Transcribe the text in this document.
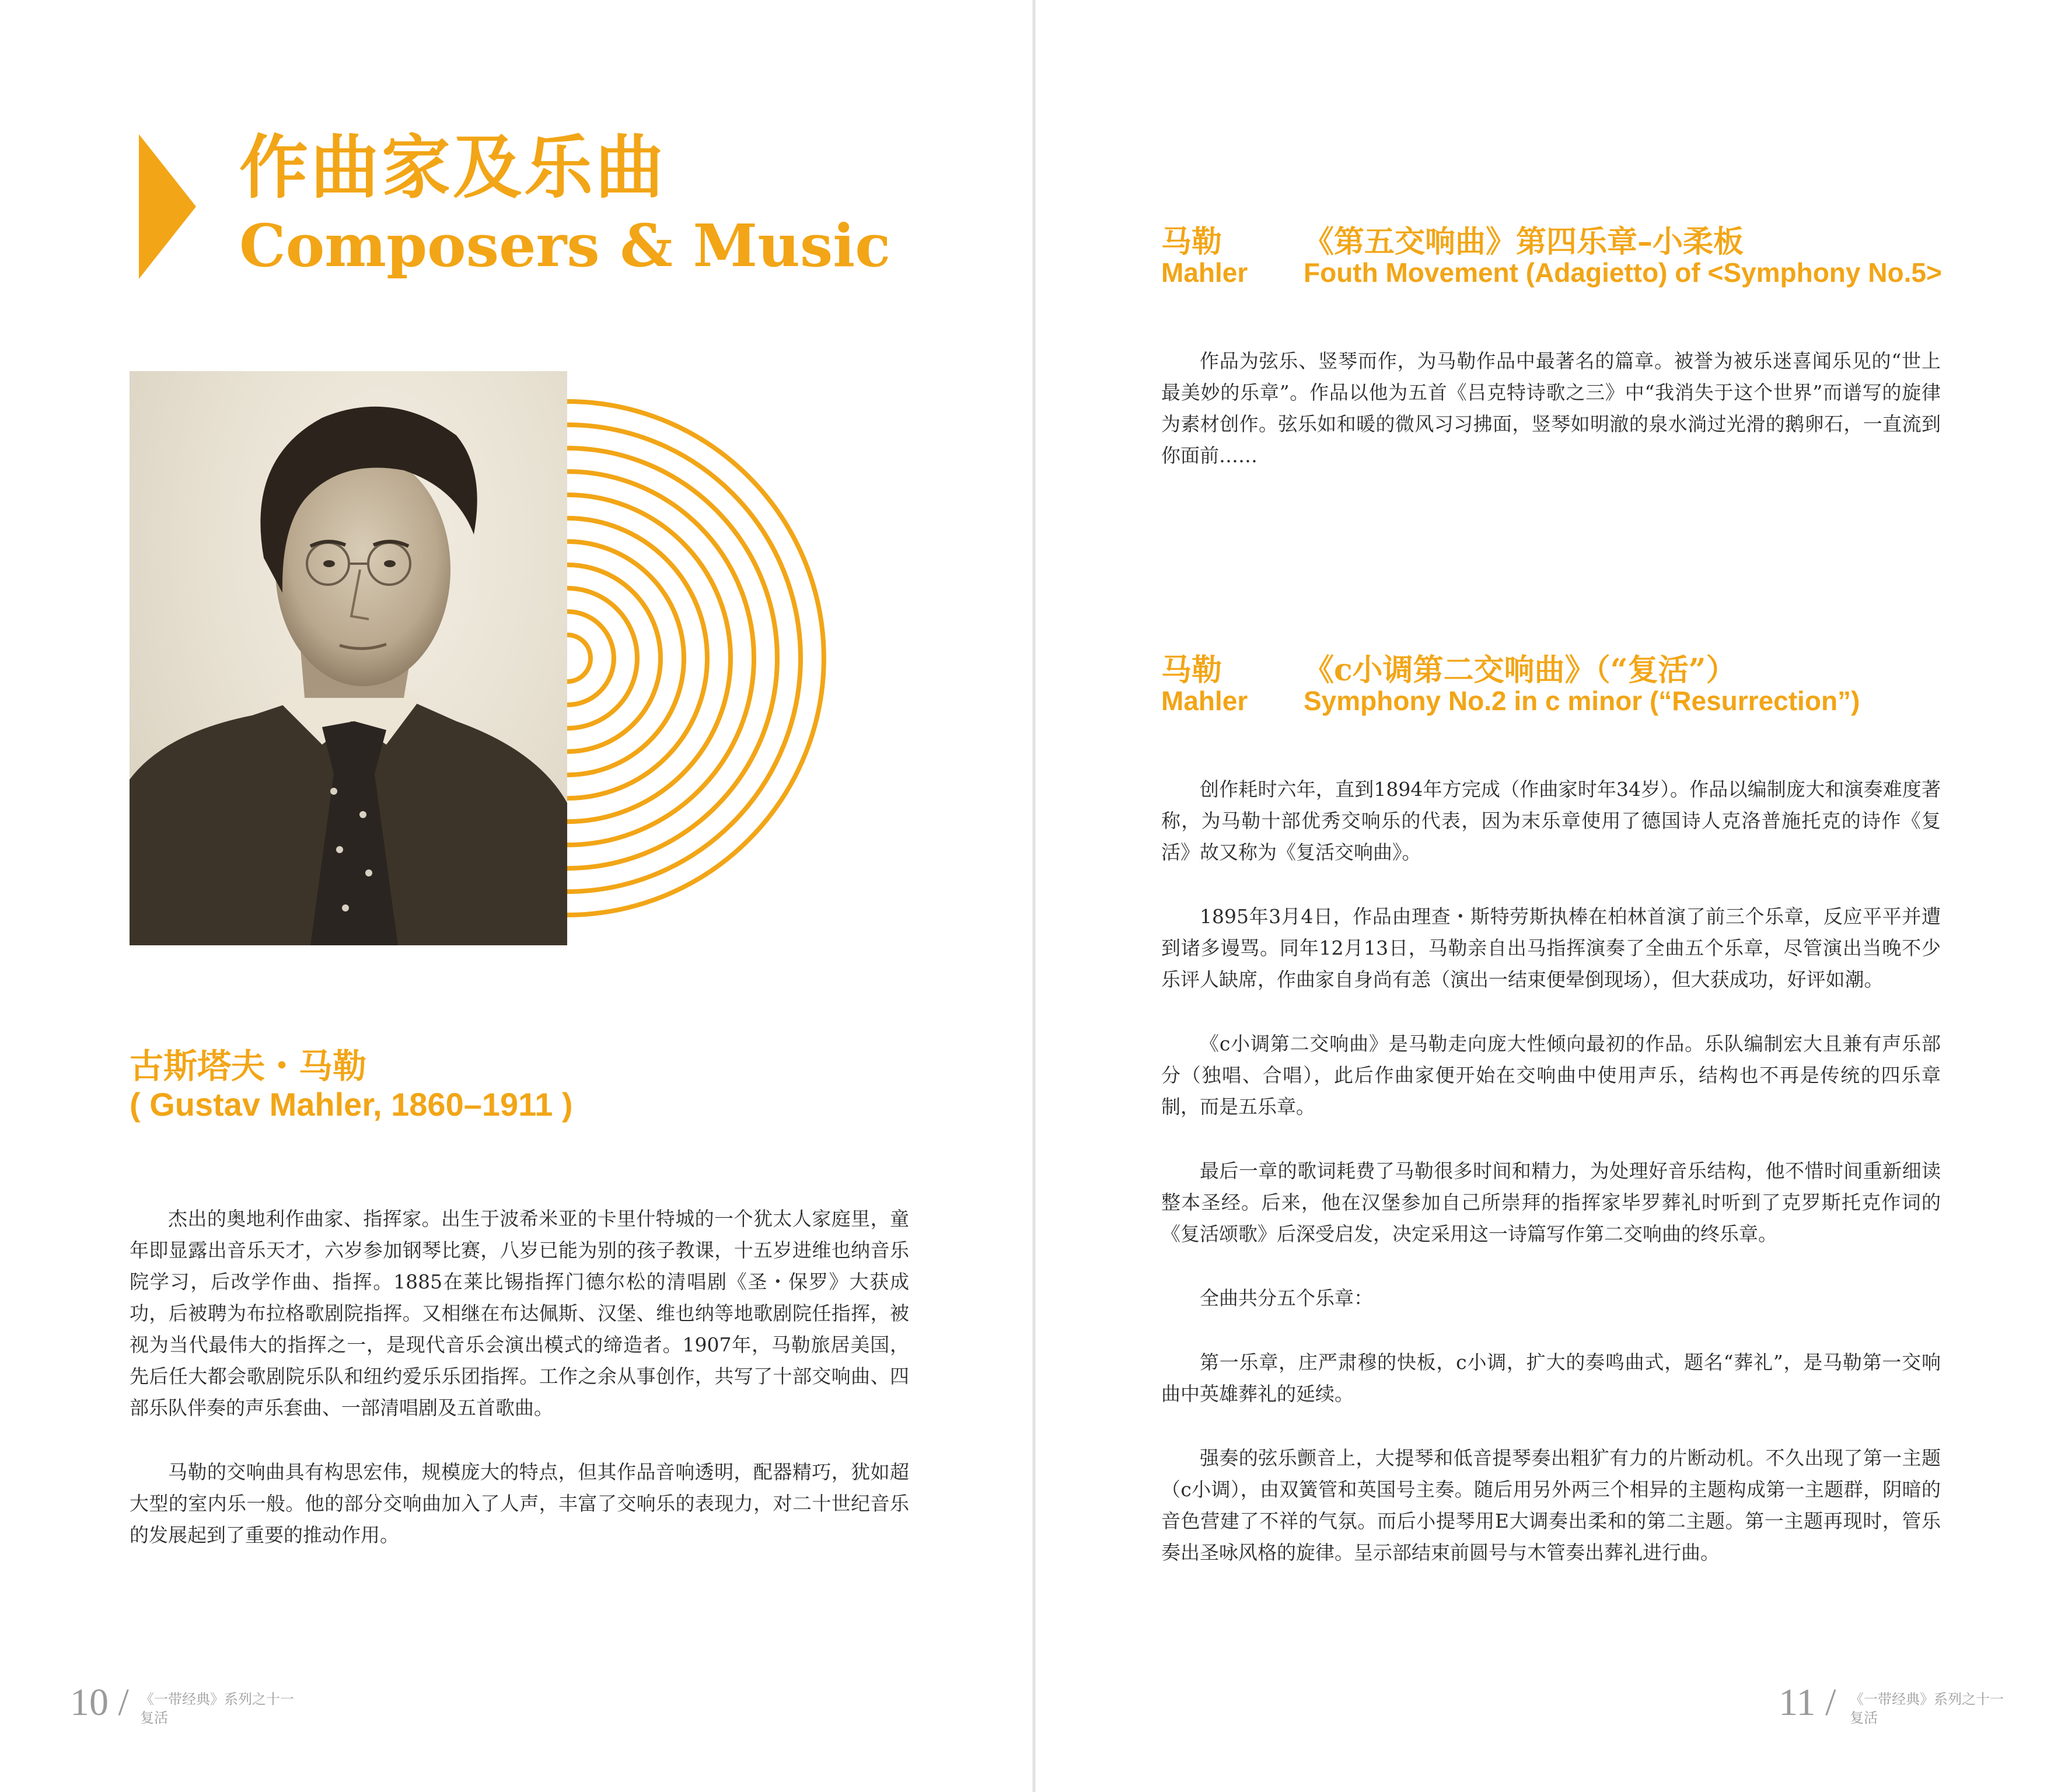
作曲家及乐曲
Composers & Music
古斯塔夫・马勒
( Gustav Mahler, 1860–1911 )

杰出的奥地利作曲家、指挥家。出生于波希米亚的卡里什特城的一个犹太人家庭里，童年即显露出音乐天才，六岁参加钢琴比赛，八岁已能为别的孩子教课，十五岁进维也纳音乐院学习，后改学作曲、指挥。1885在莱比锡指挥门德尔松的清唱剧《圣・保罗》大获成功，后被聘为布拉格歌剧院指挥。又相继在布达佩斯、汉堡、维也纳等地歌剧院任指挥，被视为当代最伟大的指挥之一，是现代音乐会演出模式的缔造者。1907年，马勒旅居美国，先后任大都会歌剧院乐队和纽约爱乐乐团指挥。工作之余从事创作，共写了十部交响曲、四部乐队伴奏的声乐套曲、一部清唱剧及五首歌曲。

马勒的交响曲具有构思宏伟，规模庞大的特点，但其作品音响透明，配器精巧，犹如超大型的室内乐一般。他的部分交响曲加入了人声，丰富了交响乐的表现力，对二十世纪音乐的发展起到了重要的推动作用。

10 / 《一带经典》系列之十一
复活
马勒	《第五交响曲》第四乐章–小柔板
Mahler Fouth Movement (Adagietto) of <Symphony No.5>

作品为弦乐、竖琴而作，为马勒作品中最著名的篇章。被誉为被乐迷喜闻乐见的“世上最美妙的乐章”。作品以他为五首《吕克特诗歌之三》中“我消失于这个世界”而谱写的旋律为素材创作。弦乐如和暖的微风习习拂面，竖琴如明澈的泉水淌过光滑的鹅卵石，一直流到你面前……

马勒	《c小调第二交响曲》（“复活”）
Mahler Symphony No.2 in c minor (“Resurrection”)

创作耗时六年，直到1894年方完成（作曲家时年34岁）。作品以编制庞大和演奏难度著称，为马勒十部优秀交响乐的代表，因为末乐章使用了德国诗人克洛普施托克的诗作《复活》故又称为《复活交响曲》。

1895年3月4日，作品由理查・斯特劳斯执棒在柏林首演了前三个乐章，反应平平并遭到诸多谩骂。同年12月13日，马勒亲自出马指挥演奏了全曲五个乐章，尽管演出当晚不少乐评人缺席，作曲家自身尚有恙（演出一结束便晕倒现场），但大获成功，好评如潮。

《c小调第二交响曲》是马勒走向庞大性倾向最初的作品。乐队编制宏大且兼有声乐部分（独唱、合唱），此后作曲家便开始在交响曲中使用声乐，结构也不再是传统的四乐章制，而是五乐章。

最后一章的歌词耗费了马勒很多时间和精力，为处理好音乐结构，他不惜时间重新细读整本圣经。后来，他在汉堡参加自己所崇拜的指挥家毕罗葬礼时听到了克罗斯托克作词的《复活颂歌》后深受启发，决定采用这一诗篇写作第二交响曲的终乐章。

全曲共分五个乐章：

第一乐章，庄严肃穆的快板，c小调，扩大的奏鸣曲式，题名“葬礼”，是马勒第一交响曲中英雄葬礼的延续。

强奏的弦乐颤音上，大提琴和低音提琴奏出粗犷有力的片断动机。不久出现了第一主题（c小调），由双簧管和英国号主奏。随后用另外两三个相异的主题构成第一主题群，阴暗的音色营建了不祥的气氛。而后小提琴用E大调奏出柔和的第二主题。第一主题再现时，管乐奏出圣咏风格的旋律。呈示部结束前圆号与木管奏出葬礼进行曲。

11 / 《一带经典》系列之十一
复活
